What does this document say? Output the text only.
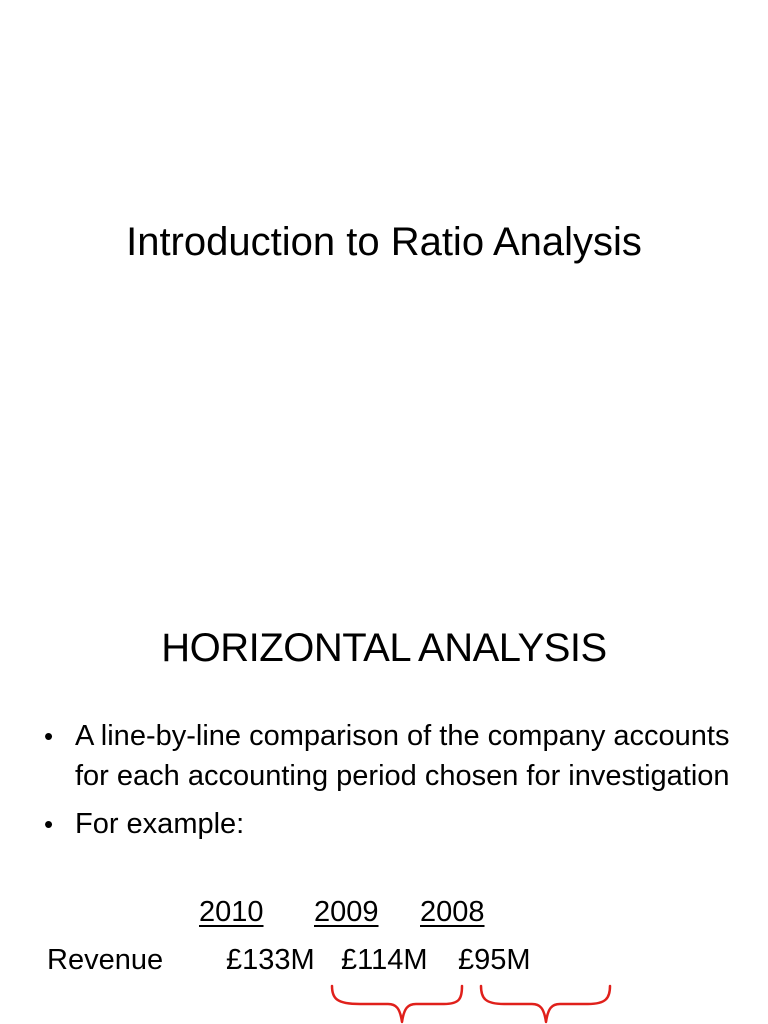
Introduction to Ratio Analysis
HORIZONTAL ANALYSIS
• A line-by-line comparison of the company accounts for each accounting period chosen for investigation
• For example:
2010 2009 2008
Revenue £133M £114M £95M
